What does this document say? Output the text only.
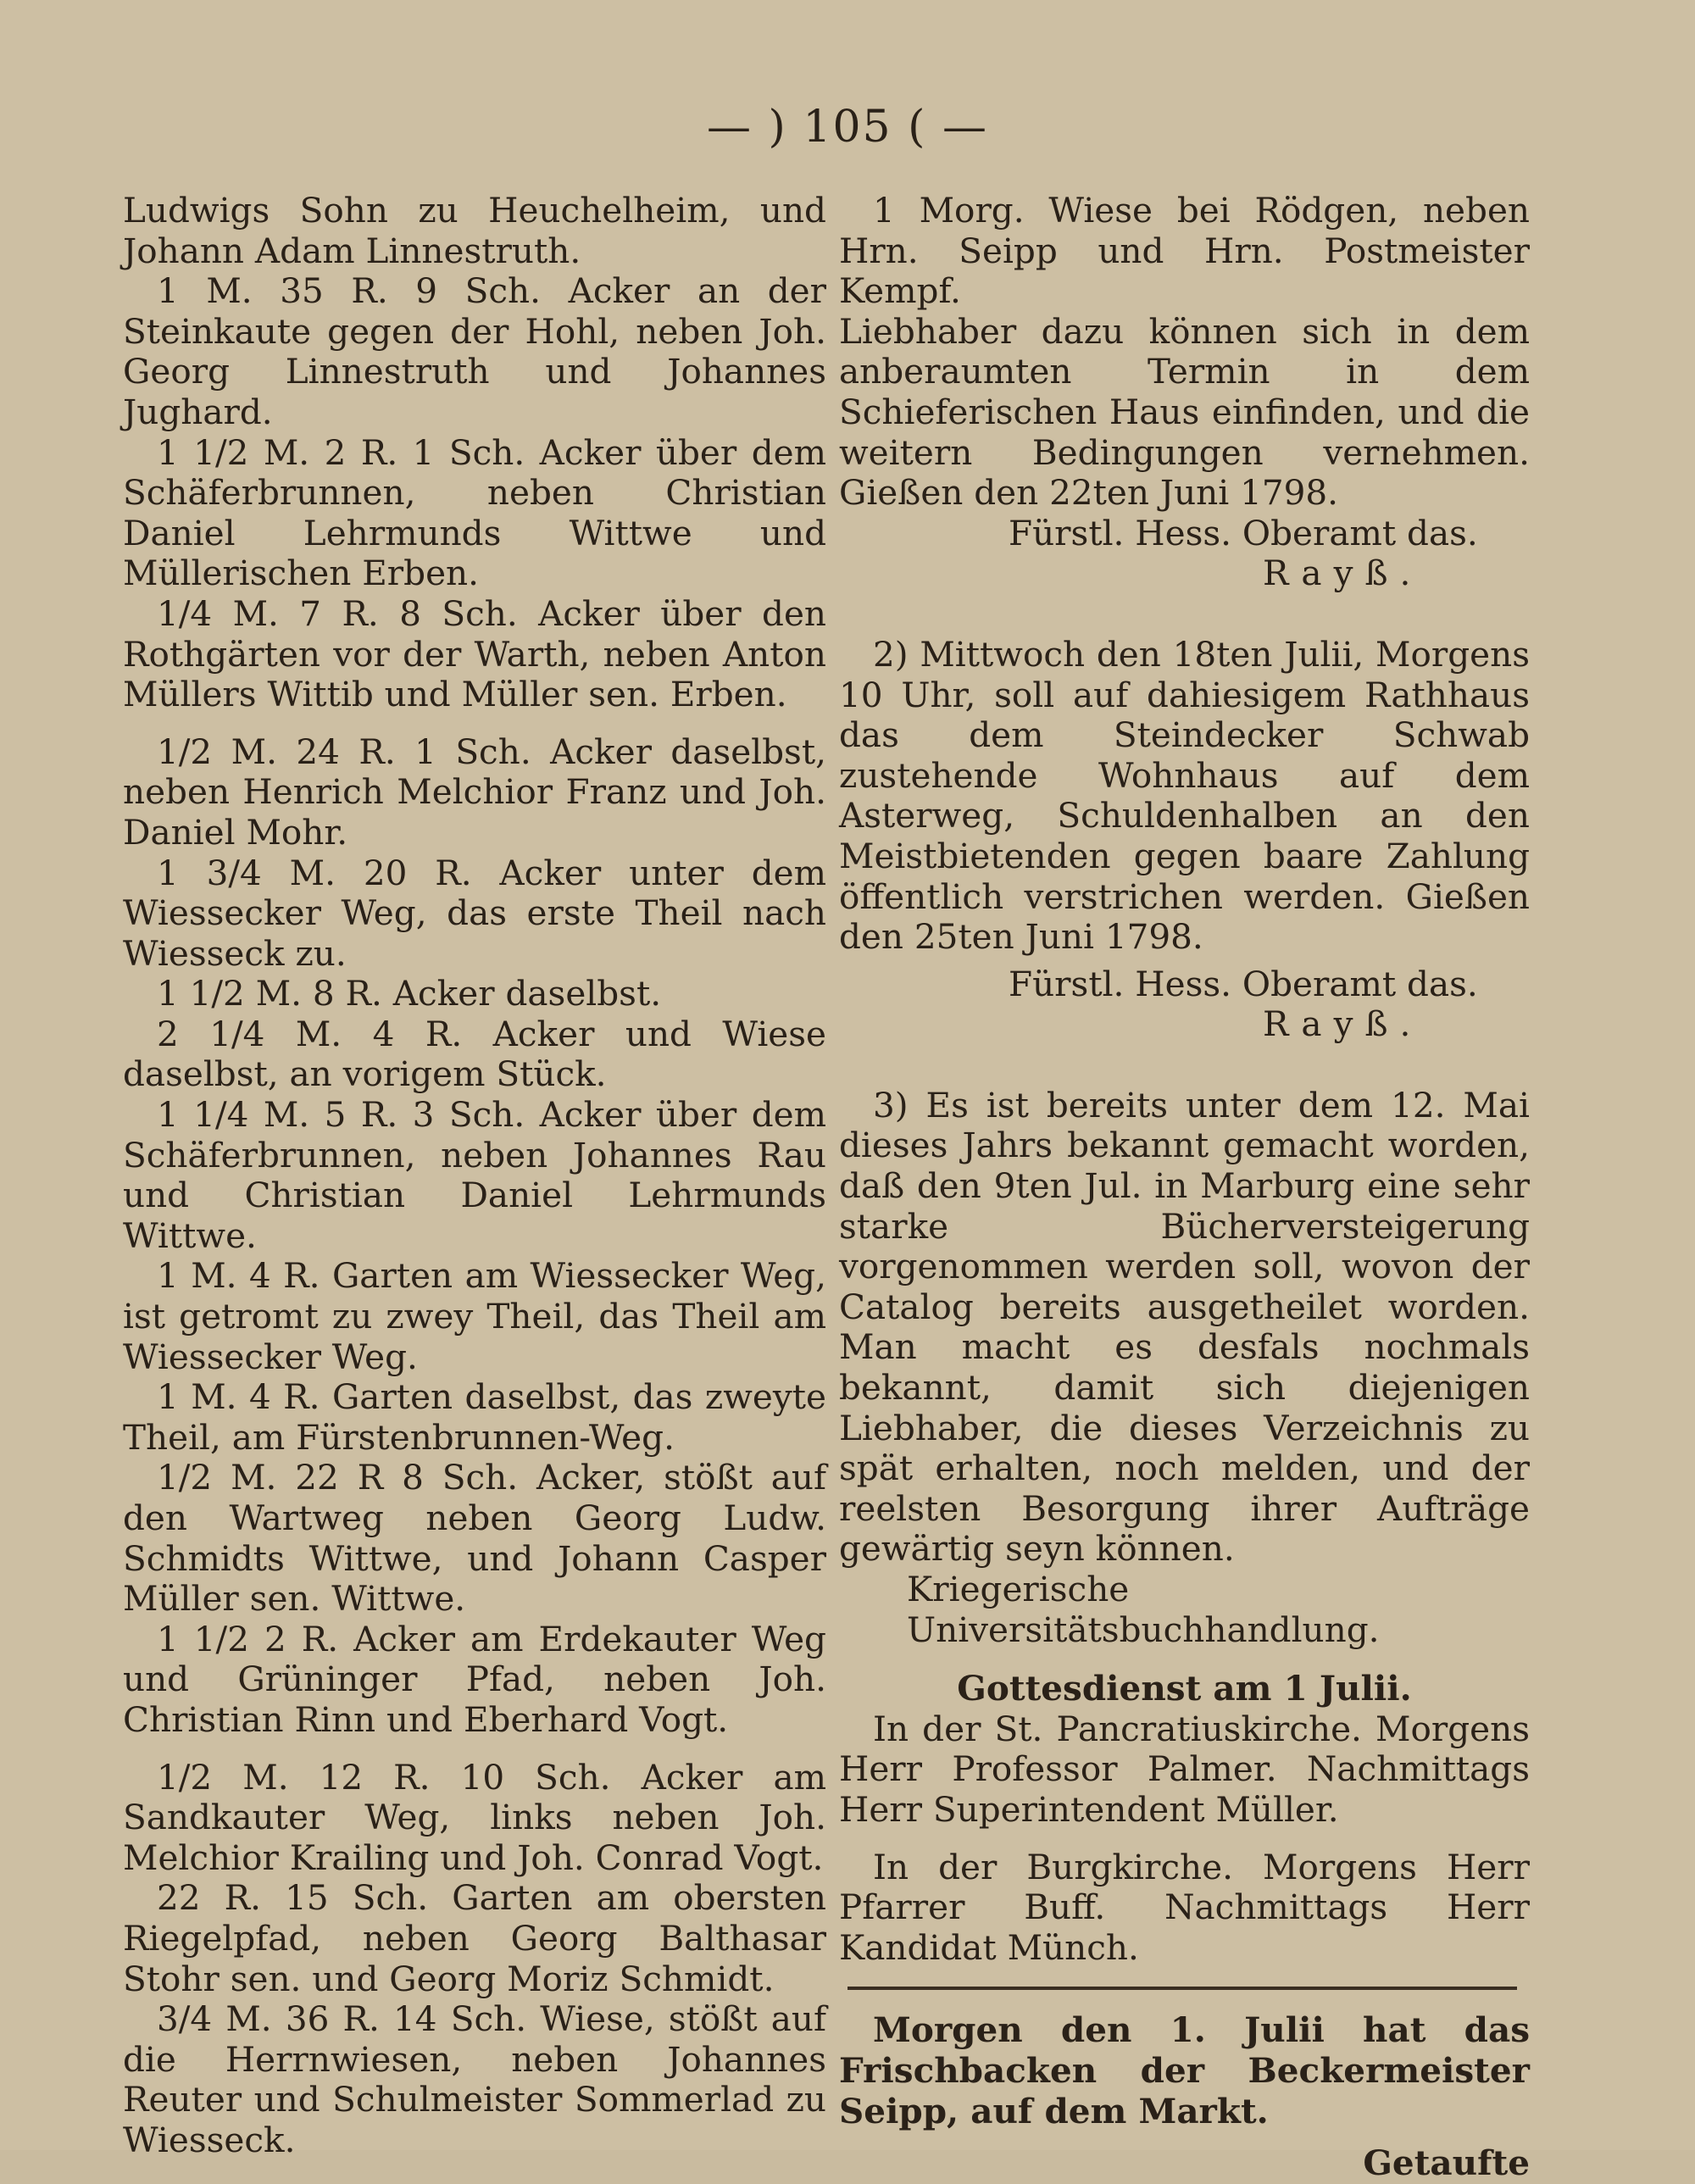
— ) 105 ( —

Ludwigs Sohn zu Heuchelheim, und Johann Adam Linnestruth.

1 M. 35 R. 9 Sch. Acker an der Steinkaute gegen der Hohl, neben Joh. Georg Linnestruth und Johannes Jughard.

1 1/2 M. 2 R. 1 Sch. Acker über dem Schäferbrunnen, neben Christian Daniel Lehrmunds Wittwe und Müllerischen Erben.

1/4 M. 7 R. 8 Sch. Acker über den Rothgärten vor der Warth, neben Anton Müllers Wittib und Müller sen. Erben.

1/2 M. 24 R. 1 Sch. Acker daselbst, neben Henrich Melchior Franz und Joh. Daniel Mohr.

1 3/4 M. 20 R. Acker unter dem Wiessecker Weg, das erste Theil nach Wiesseck zu.

1 1/2 M. 8 R. Acker daselbst.

2 1/4 M. 4 R. Acker und Wiese daselbst, an vorigem Stück.

1 1/4 M. 5 R. 3 Sch. Acker über dem Schäferbrunnen, neben Johannes Rau und Christian Daniel Lehrmunds Wittwe.

1 M. 4 R. Garten am Wiessecker Weg, ist getromt zu zwey Theil, das Theil am Wiessecker Weg.

1 M. 4 R. Garten daselbst, das zweyte Theil, am Fürstenbrunnen-Weg.

1/2 M. 22 R 8 Sch. Acker, stößt auf den Wartweg neben Georg Ludw. Schmidts Wittwe, und Johann Casper Müller sen. Wittwe.

1 1/2 2 R. Acker am Erdekauter Weg und Grüninger Pfad, neben Joh. Christian Rinn und Eberhard Vogt.

1/2 M. 12 R. 10 Sch. Acker am Sandkauter Weg, links neben Joh. Melchior Krailing und Joh. Conrad Vogt.

22 R. 15 Sch. Garten am obersten Riegelpfad, neben Georg Balthasar Stohr sen. und Georg Moriz Schmidt.

3/4 M. 36 R. 14 Sch. Wiese, stößt auf die Herrnwiesen, neben Johannes Reuter und Schulmeister Sommerlad zu Wiesseck.

1 Morg. Wiese bei Rödgen, neben Hrn. Seipp und Hrn. Postmeister Kempf.

Liebhaber dazu können sich in dem anberaumten Termin in dem Schieferischen Haus einfinden, und die weitern Bedingungen vernehmen. Gießen den 22ten Juni 1798.

Fürstl. Hess. Oberamt das.

Rayß.

2) Mittwoch den 18ten Julii, Morgens 10 Uhr, soll auf dahiesigem Rathhaus das dem Steindecker Schwab zustehende Wohnhaus auf dem Asterweg, Schuldenhalben an den Meistbietenden gegen baare Zahlung öffentlich verstrichen werden. Gießen den 25ten Juni 1798.

Fürstl. Hess. Oberamt das.

Rayß.

3) Es ist bereits unter dem 12. Mai dieses Jahrs bekannt gemacht worden, daß den 9ten Jul. in Marburg eine sehr starke Bücherversteigerung vorgenommen werden soll, wovon der Catalog bereits ausgetheilet worden. Man macht es desfals nochmals bekannt, damit sich diejenigen Liebhaber, die dieses Verzeichnis zu spät erhalten, noch melden, und der reelsten Besorgung ihrer Aufträge gewärtig seyn können.

Kriegerische Universitätsbuchhandlung.

Gottesdienst am 1 Julii.

In der St. Pancratiuskirche. Morgens Herr Professor Palmer. Nachmittags Herr Superintendent Müller.

In der Burgkirche. Morgens Herr Pfarrer Buff. Nachmittags Herr Kandidat Münch.

Morgen den 1. Julii hat das Frischbacken der Beckermeister Seipp, auf dem Markt.

Getaufte
